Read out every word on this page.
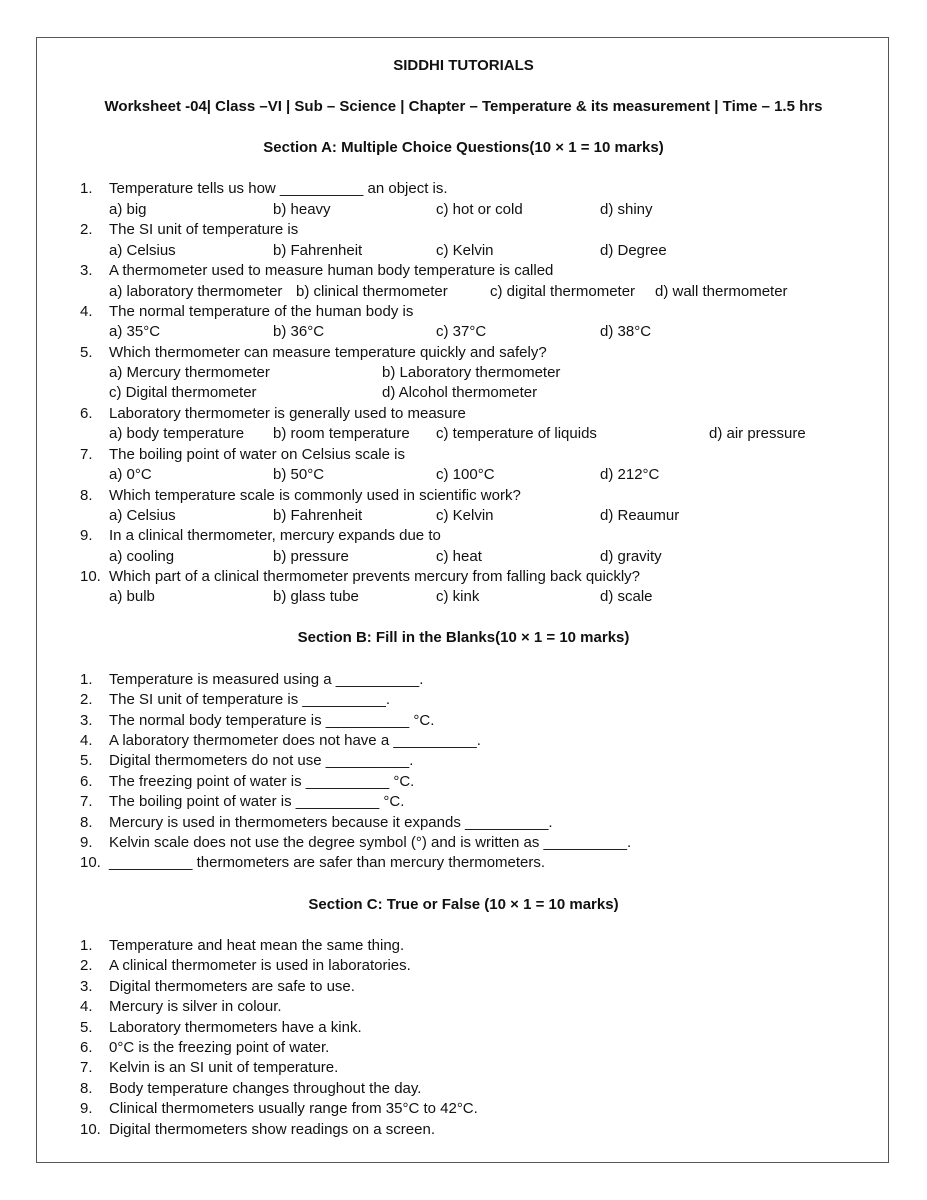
SIDDHI TUTORIALS
Worksheet -04| Class –VI | Sub – Science | Chapter – Temperature & its measurement | Time – 1.5 hrs
Section A: Multiple Choice Questions(10 × 1 = 10 marks)
1. Temperature tells us how __________ an object is.
a) big	b) heavy	c) hot or cold	d) shiny
2. The SI unit of temperature is
a) Celsius	b) Fahrenheit	c) Kelvin	d) Degree
3. A thermometer used to measure human body temperature is called
a) laboratory thermometer b) clinical thermometer	c) digital thermometer d) wall thermometer
4. The normal temperature of the human body is
a) 35°C	b) 36°C	c) 37°C	d) 38°C
5. Which thermometer can measure temperature quickly and safely?
a) Mercury thermometer	b) Laboratory thermometer
c) Digital thermometer	d) Alcohol thermometer
6. Laboratory thermometer is generally used to measure
a) body temperature b) room temperature c) temperature of liquids	d) air pressure
7. The boiling point of water on Celsius scale is
a) 0°C	b) 50°C	c) 100°C	d) 212°C
8. Which temperature scale is commonly used in scientific work?
a) Celsius	b) Fahrenheit	c) Kelvin	d) Reaumur
9. In a clinical thermometer, mercury expands due to
a) cooling	b) pressure	c) heat	d) gravity
10. Which part of a clinical thermometer prevents mercury from falling back quickly?
a) bulb	b) glass tube	c) kink	d) scale
Section B: Fill in the Blanks(10 × 1 = 10 marks)
1. Temperature is measured using a __________.
2. The SI unit of temperature is __________.
3. The normal body temperature is __________ °C.
4. A laboratory thermometer does not have a __________.
5. Digital thermometers do not use __________.
6. The freezing point of water is __________ °C.
7. The boiling point of water is __________ °C.
8. Mercury is used in thermometers because it expands __________.
9. Kelvin scale does not use the degree symbol (°) and is written as __________.
10. __________ thermometers are safer than mercury thermometers.
Section C: True or False (10 × 1 = 10 marks)
1. Temperature and heat mean the same thing.
2. A clinical thermometer is used in laboratories.
3. Digital thermometers are safe to use.
4. Mercury is silver in colour.
5. Laboratory thermometers have a kink.
6. 0°C is the freezing point of water.
7. Kelvin is an SI unit of temperature.
8. Body temperature changes throughout the day.
9. Clinical thermometers usually range from 35°C to 42°C.
10. Digital thermometers show readings on a screen.
